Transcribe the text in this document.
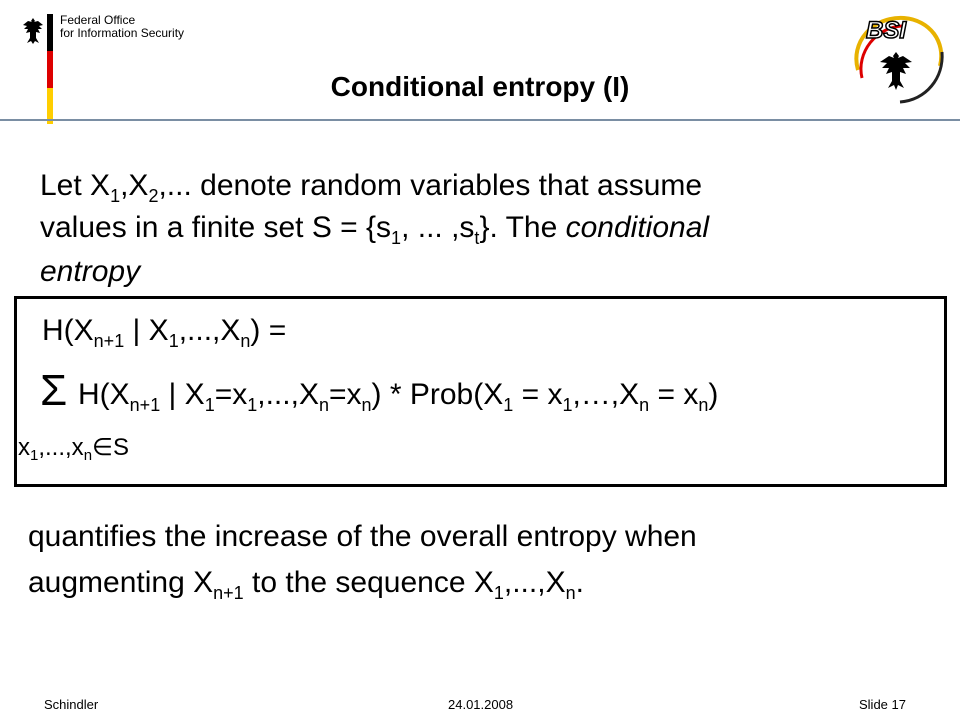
Federal Office
for Information Security	BSI
Conditional entropy (I)
Let $X_1,X_2$,... denote random variables that assume
values in a finite set $S = \{s_1$, ... $,s_t$}. The conditional
entropy
$H(X_{n+1}$ | $X_1,...,X_n$) =
Σ $H(X_{n+1}$ | $X_1=x_1,...,X_n=x_n$) * $Prob(X_1$ = $x_1,\dots,X_n = x_n$)
$x_1,...,x_n\in S$
quantifies the increase of the overall entropy when
augmenting $X_{n+1}$ to the sequence $X_1,...,X_n$.
Schindler	24.01.2008	Slide 17
